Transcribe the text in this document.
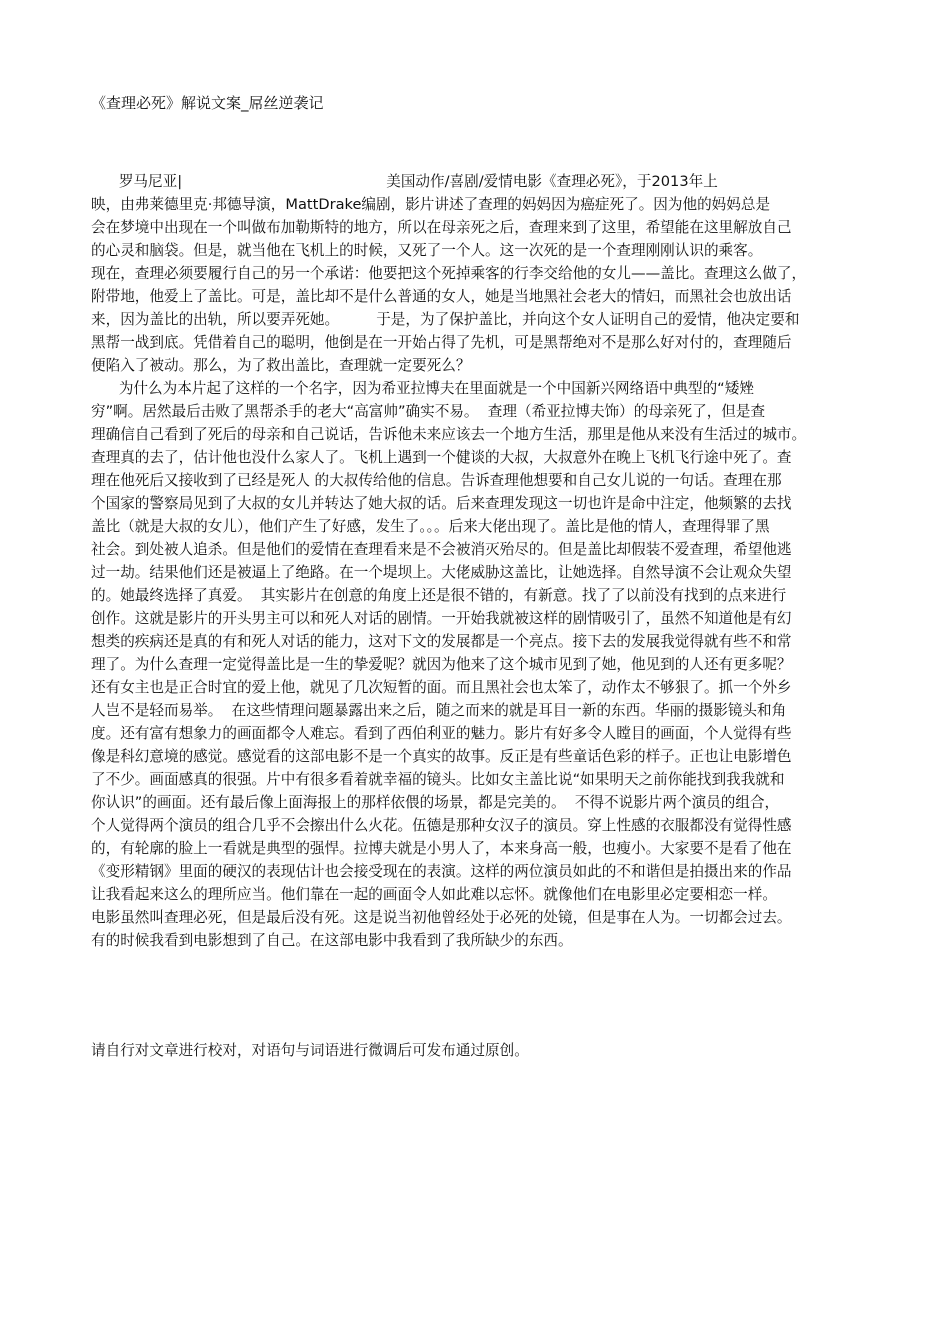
《查理必死》解说文案_屌丝逆袭记
罗马尼亚|                                            美国动作/喜剧/爱情电影《查理必死》，于2013年上
映，由弗莱德里克·邦德导演，MattDrake编剧，影片讲述了查理的妈妈因为癌症死了。因为他的妈妈总是
会在梦境中出现在一个叫做布加勒斯特的地方，所以在母亲死之后，查理来到了这里，希望能在这里解放自己
的心灵和脑袋。但是，就当他在飞机上的时候，又死了一个人。这一次死的是一个查理刚刚认识的乘客。
现在，查理必须要履行自己的另一个承诺：他要把这个死掉乘客的行李交给他的女儿——盖比。查理这么做了，
附带地，他爱上了盖比。可是，盖比却不是什么普通的女人，她是当地黑社会老大的情妇，而黑社会也放出话
来，因为盖比的出轨，所以要弄死她。        于是，为了保护盖比，并向这个女人证明自己的爱情，他决定要和
黑帮一战到底。凭借着自己的聪明，他倒是在一开始占得了先机，可是黑帮绝对不是那么好对付的，查理随后
便陷入了被动。那么，为了救出盖比，查理就一定要死么？
为什么为本片起了这样的一个名字，因为希亚拉博夫在里面就是一个中国新兴网络语中典型的“矮矬
穷”啊。居然最后击败了黑帮杀手的老大“高富帅”确实不易。  查理（希亚拉博夫饰）的母亲死了，但是查
理确信自己看到了死后的母亲和自己说话，告诉他未来应该去一个地方生活，那里是他从来没有生活过的城市。
查理真的去了，估计他也没什么家人了。飞机上遇到一个健谈的大叔，大叔意外在晚上飞机飞行途中死了。查
理在他死后又接收到了已经是死人 的大叔传给他的信息。告诉查理他想要和自己女儿说的一句话。查理在那
个国家的警察局见到了大叔的女儿并转达了她大叔的话。后来查理发现这一切也许是命中注定，他频繁的去找
盖比（就是大叔的女儿），他们产生了好感，发生了。。。后来大佬出现了。盖比是他的情人，查理得罪了黑
社会。到处被人追杀。但是他们的爱情在查理看来是不会被消灭殆尽的。但是盖比却假装不爱查理，希望他逃
过一劫。结果他们还是被逼上了绝路。在一个堤坝上。大佬威胁这盖比，让她选择。自然导演不会让观众失望
的。她最终选择了真爱。  其实影片在创意的角度上还是很不错的，有新意。找了了以前没有找到的点来进行
创作。这就是影片的开头男主可以和死人对话的剧情。一开始我就被这样的剧情吸引了，虽然不知道他是有幻
想类的疾病还是真的有和死人对话的能力，这对下文的发展都是一个亮点。接下去的发展我觉得就有些不和常
理了。为什么查理一定觉得盖比是一生的挚爱呢？就因为他来了这个城市见到了她，他见到的人还有更多呢？
还有女主也是正合时宜的爱上他，就见了几次短暂的面。而且黑社会也太笨了，动作太不够狠了。抓一个外乡
人岂不是轻而易举。  在这些情理问题暴露出来之后，随之而来的就是耳目一新的东西。华丽的摄影镜头和角
度。还有富有想象力的画面都令人难忘。看到了西伯利亚的魅力。影片有好多令人瞠目的画面，个人觉得有些
像是科幻意境的感觉。感觉看的这部电影不是一个真实的故事。反正是有些童话色彩的样子。正也让电影增色
了不少。画面感真的很强。片中有很多看着就幸福的镜头。比如女主盖比说“如果明天之前你能找到我我就和
你认识”的画面。还有最后像上面海报上的那样依偎的场景，都是完美的。  不得不说影片两个演员的组合，
个人觉得两个演员的组合几乎不会擦出什么火花。伍德是那种女汉子的演员。穿上性感的衣服都没有觉得性感
的，有轮廓的脸上一看就是典型的强悍。拉博夫就是小男人了，本来身高一般，也瘦小。大家要不是看了他在
《变形精钢》里面的硬汉的表现估计也会接受现在的表演。这样的两位演员如此的不和谐但是拍摄出来的作品
让我看起来这么的理所应当。他们靠在一起的画面令人如此难以忘怀。就像他们在电影里必定要相恋一样。
电影虽然叫查理必死，但是最后没有死。这是说当初他曾经处于必死的处镜，但是事在人为。一切都会过去。
有的时候我看到电影想到了自己。在这部电影中我看到了我所缺少的东西。
请自行对文章进行校对，对语句与词语进行微调后可发布通过原创。
